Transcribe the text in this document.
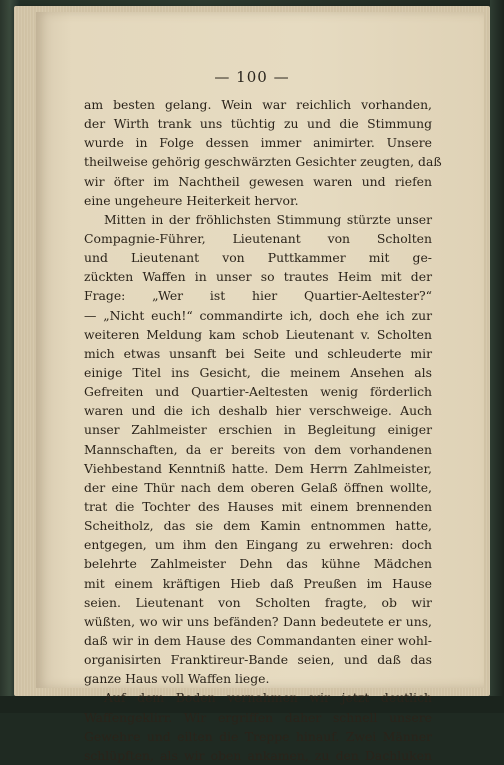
— 100 —
am besten gelang. Wein war reichlich vorhanden,
der Wirth trank uns tüchtig zu und die Stimmung
wurde in Folge dessen immer animirter. Unsere
theilweise gehörig geschwärzten Gesichter zeugten, daß
wir öfter im Nachtheil gewesen waren und riefen
eine ungeheure Heiterkeit hervor.
Mitten in der fröhlichsten Stimmung stürzte unser
Compagnie-Führer, Lieutenant von Scholten
und Lieutenant von Puttkammer mit ge-
zückten Waffen in unser so trautes Heim mit der
Frage: „Wer ist hier Quartier-Aeltester?“
— „Nicht euch!“ commandirte ich, doch ehe ich zur
weiteren Meldung kam schob Lieutenant v. Scholten
mich etwas unsanft bei Seite und schleuderte mir
einige Titel ins Gesicht, die meinem Ansehen als
Gefreiten und Quartier-Aeltesten wenig förderlich
waren und die ich deshalb hier verschweige. Auch
unser Zahlmeister erschien in Begleitung einiger
Mannschaften, da er bereits von dem vorhandenen
Viehbestand Kenntniß hatte. Dem Herrn Zahlmeister,
der eine Thür nach dem oberen Gelaß öffnen wollte,
trat die Tochter des Hauses mit einem brennenden
Scheitholz, das sie dem Kamin entnommen hatte,
entgegen, um ihm den Eingang zu erwehren: doch
belehrte Zahlmeister Dehn das kühne Mädchen
mit einem kräftigen Hieb daß Preußen im Hause
seien. Lieutenant von Scholten fragte, ob wir
wüßten, wo wir uns befänden? Dann bedeutete er uns,
daß wir in dem Hause des Commandanten einer wohl-
organisirten Franktireur-Bande seien, und daß das
ganze Haus voll Waffen liege.
Auf dem Boden vernahmen wir jetzt deutlich
Waffengeklirr. Wir ergriffen daher schnell unsere
Gewehre und eilten die Treppe hinauf. Zwei Männer
schlüpften, als wir oben ankamen, zu den Dachluken
